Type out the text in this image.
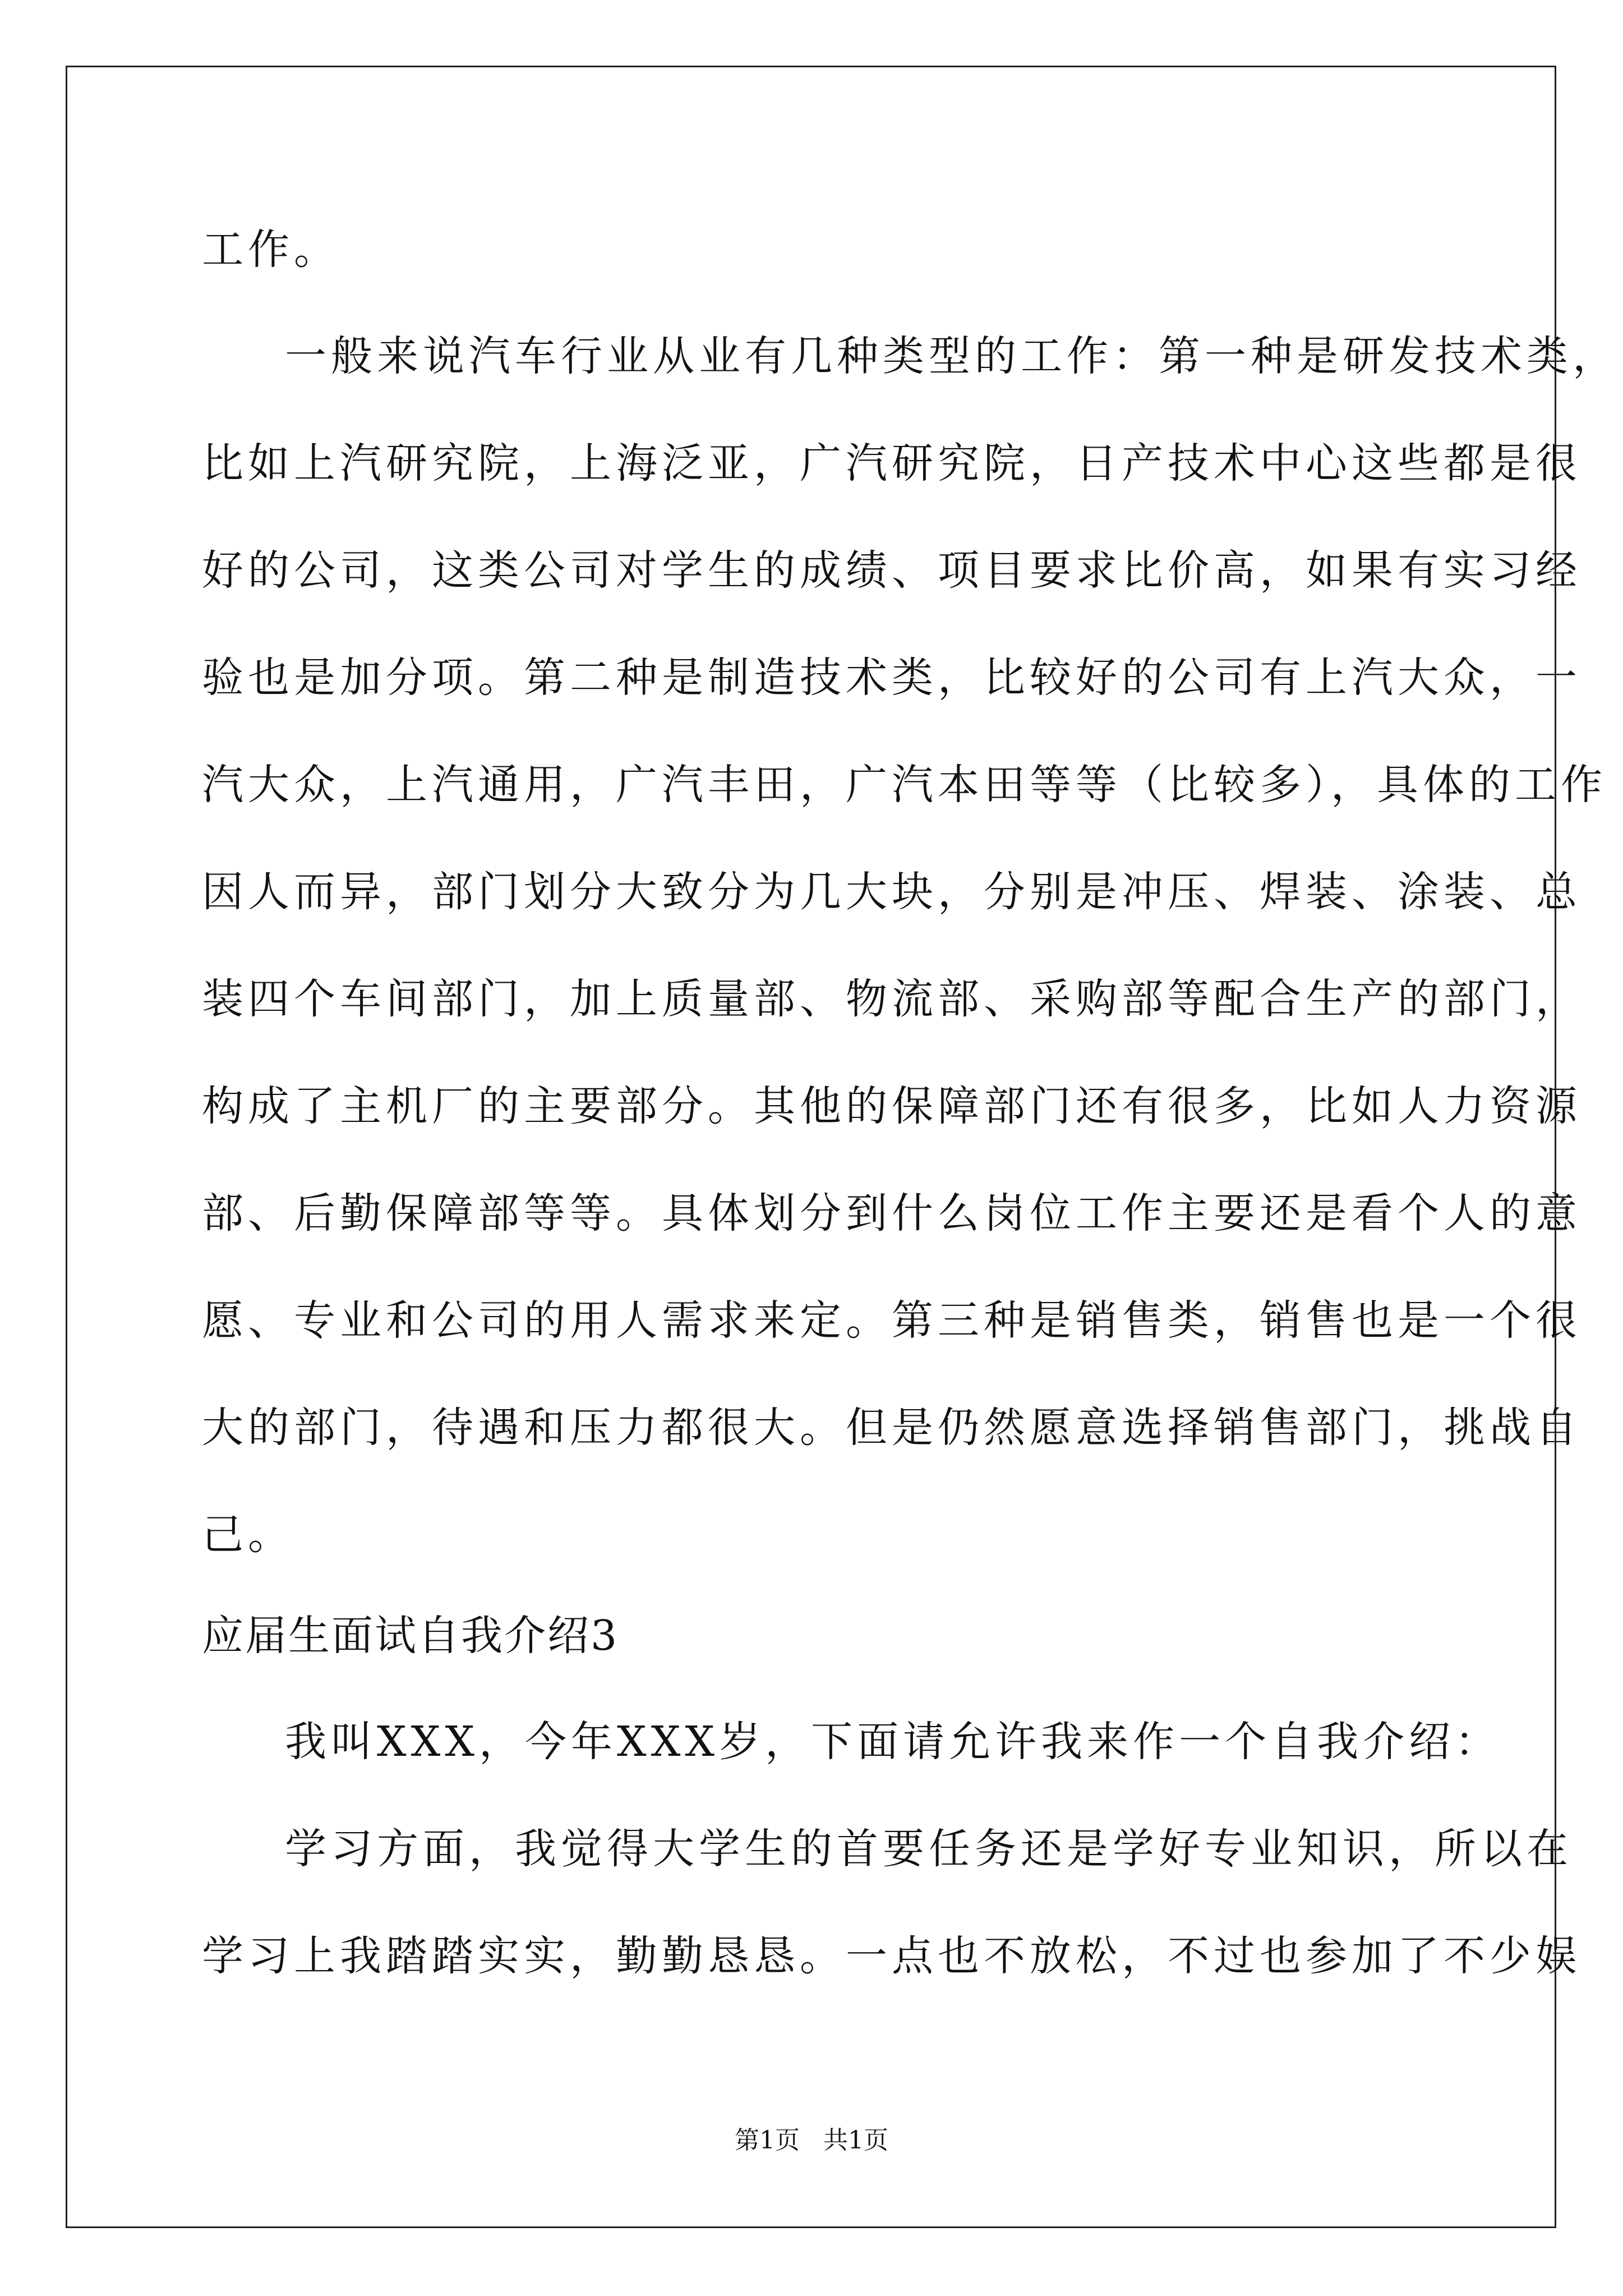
工作。
一般来说汽车行业从业有几种类型的工作：第一种是研发技术类，
比如上汽研究院，上海泛亚，广汽研究院，日产技术中心这些都是很
好的公司，这类公司对学生的成绩、项目要求比价高，如果有实习经
验也是加分项。第二种是制造技术类，比较好的公司有上汽大众，一
汽大众，上汽通用，广汽丰田，广汽本田等等（比较多），具体的工作
因人而异，部门划分大致分为几大块，分别是冲压、焊装、涂装、总
装四个车间部门，加上质量部、物流部、采购部等配合生产的部门，
构成了主机厂的主要部分。其他的保障部门还有很多，比如人力资源
部、后勤保障部等等。具体划分到什么岗位工作主要还是看个人的意
愿、专业和公司的用人需求来定。第三种是销售类，销售也是一个很
大的部门，待遇和压力都很大。但是仍然愿意选择销售部门，挑战自
己。
应届生面试自我介绍3
我叫XXX，今年XXX岁，下面请允许我来作一个自我介绍：
学习方面，我觉得大学生的首要任务还是学好专业知识，所以在
学习上我踏踏实实，勤勤恳恳。一点也不放松，不过也参加了不少娱
第1页   共1页
